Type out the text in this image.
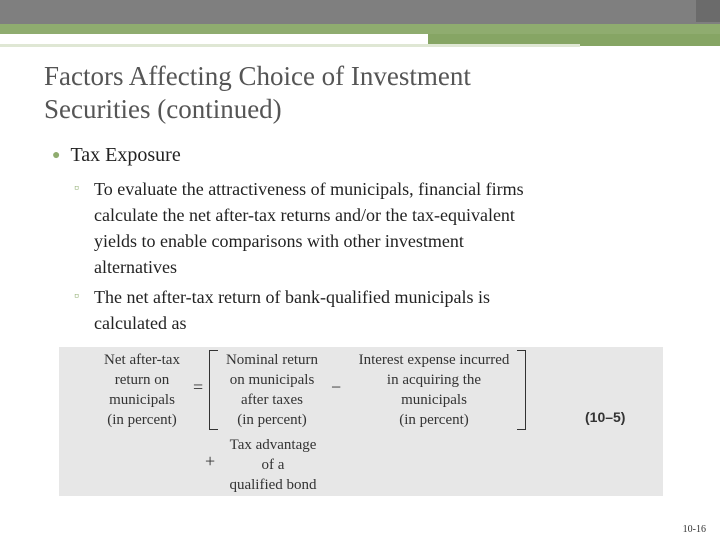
Factors Affecting Choice of Investment
Securities (continued)
● Tax Exposure
▫ To evaluate the attractiveness of municipals, financial firms
calculate the net after-tax returns and/or the tax-equivalent
yields to enable comparisons with other investment
alternatives
▫ The net after-tax return of bank-qualified municipals is
calculated as
Net after-tax
return on
municipals
(in percent)
=
Nominal return
on municipals
after taxes
(in percent)
−
Interest expense incurred
in acquiring the
municipals
(in percent)	(10–5)
+
Tax advantage
of a
qualified bond
10-16
